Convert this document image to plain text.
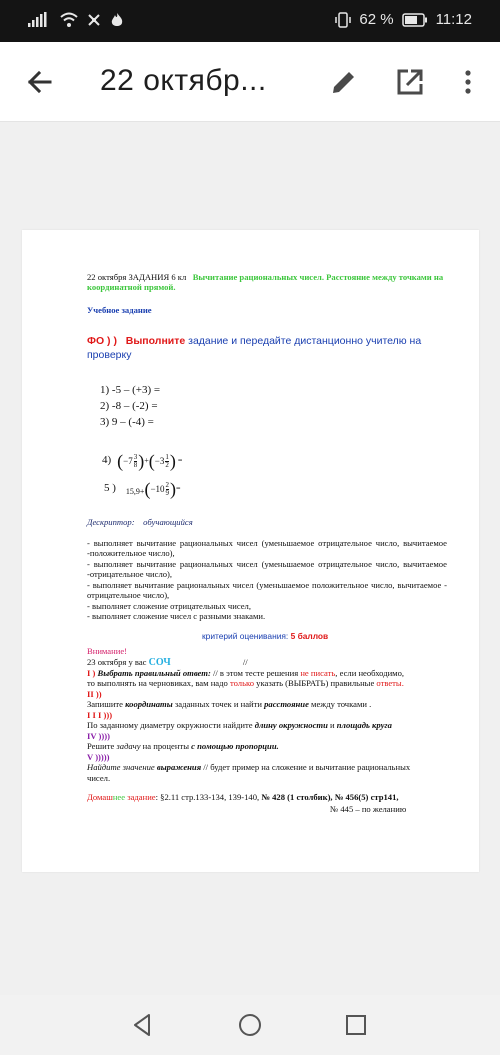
62 %	11:12
22 октябр...
22 октября ЗАДАНИЯ 6 кл Вычитание рациональных чисел. Расстояние между точками на координатной прямой.
Учебное задание
ФО ) ) Выполните задание и передайте дистанционно учителю на
проверку
1) -5 – (+3) =
2) -8 – (-2) =
3) 9 – (-4) =
4) ( $-7 \frac{3}{8}$ ) + ( $-3 \frac{1}{2}$ ) =
5 ) 15,9+ ( $-10 \frac{2}{9}$ ) =
Дескриптор: обучающийся
- выполняет вычитание рациональных чисел (уменьшаемое отрицательное число, вычитаемое -положительное число),
- выполняет вычитание рациональных чисел (уменьшаемое отрицательное число, вычитаемое -отрицательное число),
- выполняет вычитание рациональных чисел (уменьшаемое положительное число, вычитаемое - отрицательное число),
- выполняет сложение отрицательных чисел,
- выполняет сложение чисел с разными знаками.
критерий оценивания: 5 баллов
Внимание!
23 октября у вас СОЧ	//
I ) Выбрать правильный ответ: // в этом тесте решения не писать, если необходимо,
то выполнять на черновиках, вам надо только указать (ВЫБРАТЬ) правильные ответы.
II ))
Запишите координаты заданных точек и найти расстояние между точками .
I I I )))
По заданному диаметру окружности найдите длину окружности и площадь круга
IV ))))
Решите задачу на проценты с помощью пропорции.
V )))))
Найдите значение выражения // будет пример на сложение и вычитание рациональных
чисел.
Домашнее задание: §2.11 стр.133-134, 139-140, № 428 (1 столбик), № 456(5) стр141,
№ 445 – по желанию
